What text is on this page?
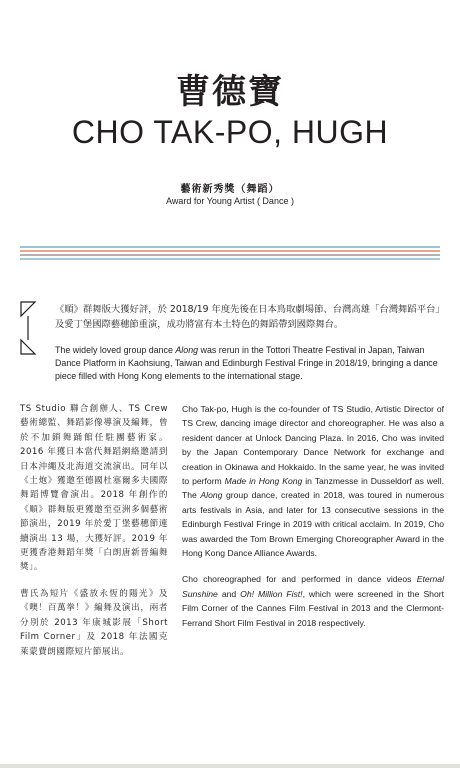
曹德寶
CHO TAK-PO, HUGH
藝術新秀獎（舞蹈）
Award for Young Artist ( Dance )
《順》群舞版大獲好評，於 2018/19 年度先後在日本鳥取劇場節、台灣高雄「台灣舞蹈平台」及愛丁堡國際藝穗節重演，成功將富有本土特色的舞蹈帶到國際舞台。
The widely loved group dance Along was rerun in the Tottori Theatre Festival in Japan, Taiwan Dance Platform in Kaohsiung, Taiwan and Edinburgh Festival Fringe in 2018/19, bringing a dance piece filled with Hong Kong elements to the international stage.

TS Studio 聯合創辦人、TS Crew 藝術總監、舞蹈影像導演及編舞，曾於不加鎖舞踊館任駐團藝術家。2016 年獲日本當代舞蹈網絡邀請到日本沖繩及北海道交流演出。同年以《土炮》獲邀至德國杜塞爾多夫國際舞蹈博覽會演出。2018 年創作的《順》群舞版更獲邀至亞洲多個藝術節演出，2019 年於愛丁堡藝穗節連續演出 13 場，大獲好評。2019 年更獲香港舞蹈年獎「白朗唐新晉編舞獎」。

曹氏為短片《盛放永恆的陽光》及《噢！百萬拳！》編舞及演出，兩者分別於 2013 年康城影展「Short Film Corner」及 2018 年法國克萊蒙費朗國際短片節展出。

Cho Tak-po, Hugh is the co-founder of TS Studio, Artistic Director of TS Crew, dancing image director and choreographer. He was also a resident dancer at Unlock Dancing Plaza. In 2016, Cho was invited by the Japan Contemporary Dance Network for exchange and creation in Okinawa and Hokkaido. In the same year, he was invited to perform Made in Hong Kong in Tanzmesse in Dusseldorf as well. The Along group dance, created in 2018, was toured in numerous arts festivals in Asia, and later for 13 consecutive sessions in the Edinburgh Festival Fringe in 2019 with critical acclaim. In 2019, Cho was awarded the Tom Brown Emerging Choreographer Award in the Hong Kong Dance Alliance Awards.

Cho choreographed for and performed in dance videos Eternal Sunshine and Oh! Million Fist!, which were screened in the Short Film Corner of the Cannes Film Festival in 2013 and the Clermont-Ferrand Short Film Festival in 2018 respectively.
